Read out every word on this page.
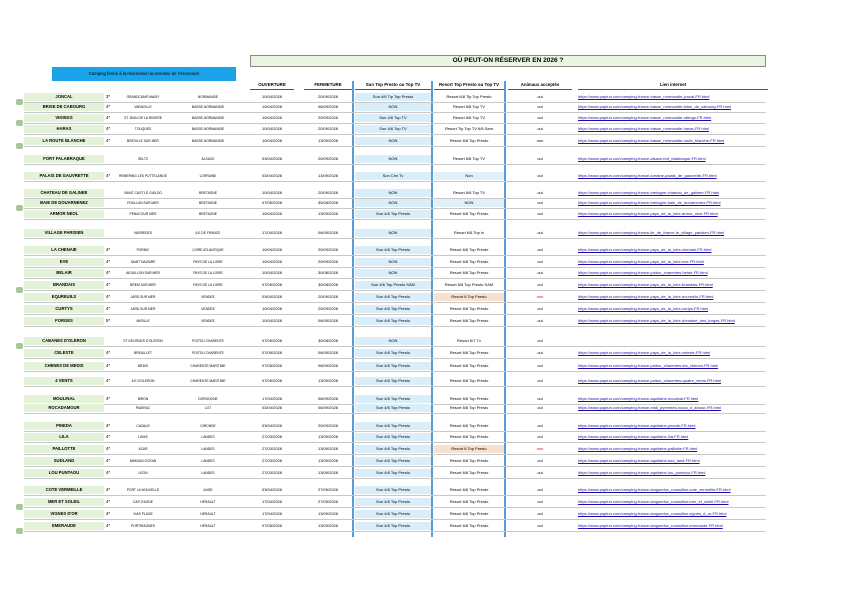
OÙ PEUT-ON RÉSERVER EN 2026 ?
Camping fermé à la réservation la semaine de l'Ascension
OUVERTURE	FERMETURE	Sun Top Presto ou Top TV	Resort Top Presto ou Top TV	Animaux acceptés	Lien internet
JONCAL	3*	GRANDCAMP-MAISY	NORMANDIE	10/04/2026	20/09/2026	Sun 4/6 Tip Top Presto	Resort 6/8 Tip Top Presto	oui	https://www.paptun.com/camping-france-basse_normandie-joncal-FR.html
BRISE DE CABOURG	4*	VARAVILLE	BASSE-NORMANDIE	10/04/2026	06/09/2026	NON	Resort 6/8 Top TV	oui	https://www.paptun.com/camping-france-basse_normandie-brise_de_cabourg-FR.html
VIKINGS	4*	ST JEAN DE LA RIVIERE	BASSE-NORMANDIE	10/04/2026	20/09/2026	Sun 4/6 Top TV	Resort 6/8 Top TV	oui	https://www.paptun.com/camping-france-basse_normandie-vikings-FR.html
HARAS	4*	TOUQUES	BASSE-NORMANDIE	10/04/2026	20/09/2026	Sun 4/6 Top TV	Resort Tip Top TV 6/8 Sam	oui	https://www.paptun.com/camping-france-basse_normandie-haras-FR.html
LA ROUTE BLANCHE	4*	BREVILLE SUR MER	BASSE-NORMANDIE	10/04/2026	13/09/2026	NON	Resort 6/8 Top Presto	non	https://www.paptun.com/camping-france-basse_normandie-route_blanche-FR.html
FORT FALABRAQUE	SELTZ	ALSACE	03/04/2026	20/09/2026	NON	Resort 6/8 Top TV	oui	https://www.paptun.com/camping-france-alsace-fort_falabraque-FR.html
PALAIS DE GAUVRETTE	4*	REMERING LES PUTTELANGE	LORRAINE	03/04/2026	13/09/2026	Sun Clm Tv	Non	oui	https://www.paptun.com/camping-france-lorraine-palais_de_gauvrette-FR.html
CHATEAU DE GALINEE	SAINT CAST LE GUILDO	BRETAGNE	10/04/2026	20/09/2026	NON	Resort 6/8 Top TV	oui	https://www.paptun.com/camping-france-bretagne-chateau_de_galinee-FR.html
BAIE DE DOUARNENEZ	POULLAN SUR MER	BRETAGNE	07/05/2026	30/08/2026	NON	NON	oui	https://www.paptun.com/camping-france-bretagne-baie_de_douarnenez-FR.html
ARMOR NEOL	PENACOUR MER	BRETAGNE	10/04/2026	13/09/2026	Sun 4/6 Top Presto	Resort 6/8 Top Presto	oui	https://www.paptun.com/camping-france-pays_de_la_loire-armor_neol-FR.html
VILLAGE PARISIEN	VARREDES	ILE DE FRANCE	17/04/2026	06/09/2026	NON	Resort 6/8 Top tv	oui	https://www.paptun.com/camping-france-ile_de_france-le_village_parisien-FR.html
LA CHENAIE	4*	PORNIC	LOIRE ATLANTIQUE	10/04/2026	20/09/2026	Sun 4/6 Top Presto	Resort 6/8 Top Presto	oui	https://www.paptun.com/camping-france-pays_de_la_loire-chenaie-FR.html
EVE	4*	SAINT NAZAIRE	PAYS DE LA LOIRE	10/04/2026	20/09/2026	NON	Resort 6/8 Top Presto	oui	https://www.paptun.com/camping-france-pays_de_la_loire-eve-FR.html
BELAIR	4*	AIGUILLON SUR MER	PAYS DE LA LOIRE	10/04/2026	30/08/2026	NON	Resort 6/8 Top Presto	oui	https://www.paptun.com/camping-france-poitou_charentes-belair-FR.html
BRANDAIS	4*	BREM SUR MER	PAYS DE LA LOIRE	07/05/2026	30/08/2026	Sun 4/6 Top Presto SAM	Resort 6/8 Top Presto SAM	oui	https://www.paptun.com/camping-france-pays_de_la_loire-brandais-FR.html
EQUREUILS	4*	JARD SUR MER	VENDEE	03/04/2026	20/09/2026	Sun 4/6 Top Presto	Resort 6 Top Presto	non	https://www.paptun.com/camping-france-pays_de_la_loire-ecureuils-FR.html
CURTYS	4*	JARD SUR MER	VENDEE	10/04/2026	20/09/2026	Sun 4/6 Top Presto	Resort 6/8 Top Presto	oui	https://www.paptun.com/camping-france-pays_de_la_loire-curtys-FR.html
FORGES	5*	AVRILLE	VENDEE	10/04/2026	06/09/2026	Sun 4/6 Top Presto	Resort 6/8 Top Presto	oui	https://www.paptun.com/camping-france-pays_de_la_loire-domaine_des_forges-FR.html
CABANES D'OLERON	ST GEORGES D'OLERON	POITOU CHARENTE	07/05/2026	30/08/2026	NON	Resort 6/7 Tv	oui
CELESTE	4*	BREUILLET	POITOU CHARENTE	07/05/2026	06/09/2026	Sun 4/6 Top Presto	Resort 6/8 Top Presto	oui	https://www.paptun.com/camping-france-pays_de_la_loire-celeste-FR.html
CHENES DE MEDIS	4*	MEDIS	CHARENTE MARITIME	07/05/2026	06/09/2026	Sun 4/6 Top Presto	Resort 6/8 Top Presto	oui	https://www.paptun.com/camping-france-poitou_charentes-les_chenes-FR.html
4 VENTS	4*	ILE D'OLERON	CHARENTE MARITIME	07/05/2026	13/09/2026	Sun 4/6 Top Presto	Resort 6/8 Top Presto	oui	https://www.paptun.com/camping-france-poitou_charentes-quatre_vents-FR.html
MOULINAL	4*	BIRON	DORDOGNE	17/04/2026	06/09/2026	Sun 4/6 Top Presto	Resort 6/8 Top Presto	oui	https://www.paptun.com/camping-france-aquitaine-moulinal-FR.html
ROCADAMOUR	PADIRAC	LOT	03/04/2026	06/09/2026	Sun 4/6 Top Presto	Resort 6/8 Top Presto	oui	https://www.paptun.com/camping-france-midi_pyrenees-rocca_d_amour-FR.html
PINEDA	4*	CAZAUX	GIRONDE	03/04/2026	20/09/2026	Sun 4/6 Top Presto	Resort 6/8 Top Presto	oui	https://www.paptun.com/camping-france-aquitaine-pinede-FR.html
LILA	4*	LINXE	LANDES	27/03/2026	13/09/2026	Sun 4/6 Top Presto	Resort 6/8 Top Presto	oui	https://www.paptun.com/camping-france-aquitaine-lila-FR.html
PAILLOTTE	4*	AZUR	LANDES	27/03/2026	13/09/2026	Sun 4/6 Top Presto	Resort 6 Top Presto	non	https://www.paptun.com/camping-france-aquitaine-paillotte-FR.html
SUDLAND	4*	MIMIZAN OCEAN	LANDES	27/03/2026	13/09/2026	Sun 4/6 Top Presto	Resort 6/8 Top Presto	oui	https://www.paptun.com/camping-france-aquitaine-sud_land-FR.html
LOU PUNTAOU	4*	LEON	LANDES	27/03/2026	13/09/2026	Sun 4/6 Top Presto	Resort 6/8 Top Presto	oui	https://www.paptun.com/camping-france-aquitaine-lou_puntaou-FR.html
COTE VERMEILLE	4*	PORT LA NOUVELLE	AUDE	03/04/2026	27/09/2026	Sun 4/6 Top Presto	Resort 6/8 Top Presto	oui	https://www.paptun.com/camping-france-languedoc_roussillon-cote_vermeille-FR.html
MER ET SOLEIL	4*	CAP D'AGDE	HERAULT	17/04/2026	27/09/2026	Sun 4/6 Top Presto	Resort 6/8 Top Presto	oui	https://www.paptun.com/camping-france-languedoc_roussillon-mer_et_soleil-FR.html
VIGNES D'OR	4*	VIAS PLAGE	HERAULT	17/04/2026	13/09/2026	Sun 4/6 Top Presto	Resort 6/8 Top Presto	oui	https://www.paptun.com/camping-france-languedoc_roussillon-vignes_d_or-FR.html
EMERAUDE	4*	PORTIRAGNES	HERAULT	07/05/2026	13/09/2026	Sun 4/6 Top Presto	Resort 6/8 Top Presto	oui	https://www.paptun.com/camping-france-languedoc_roussillon-emeraude-FR.html
